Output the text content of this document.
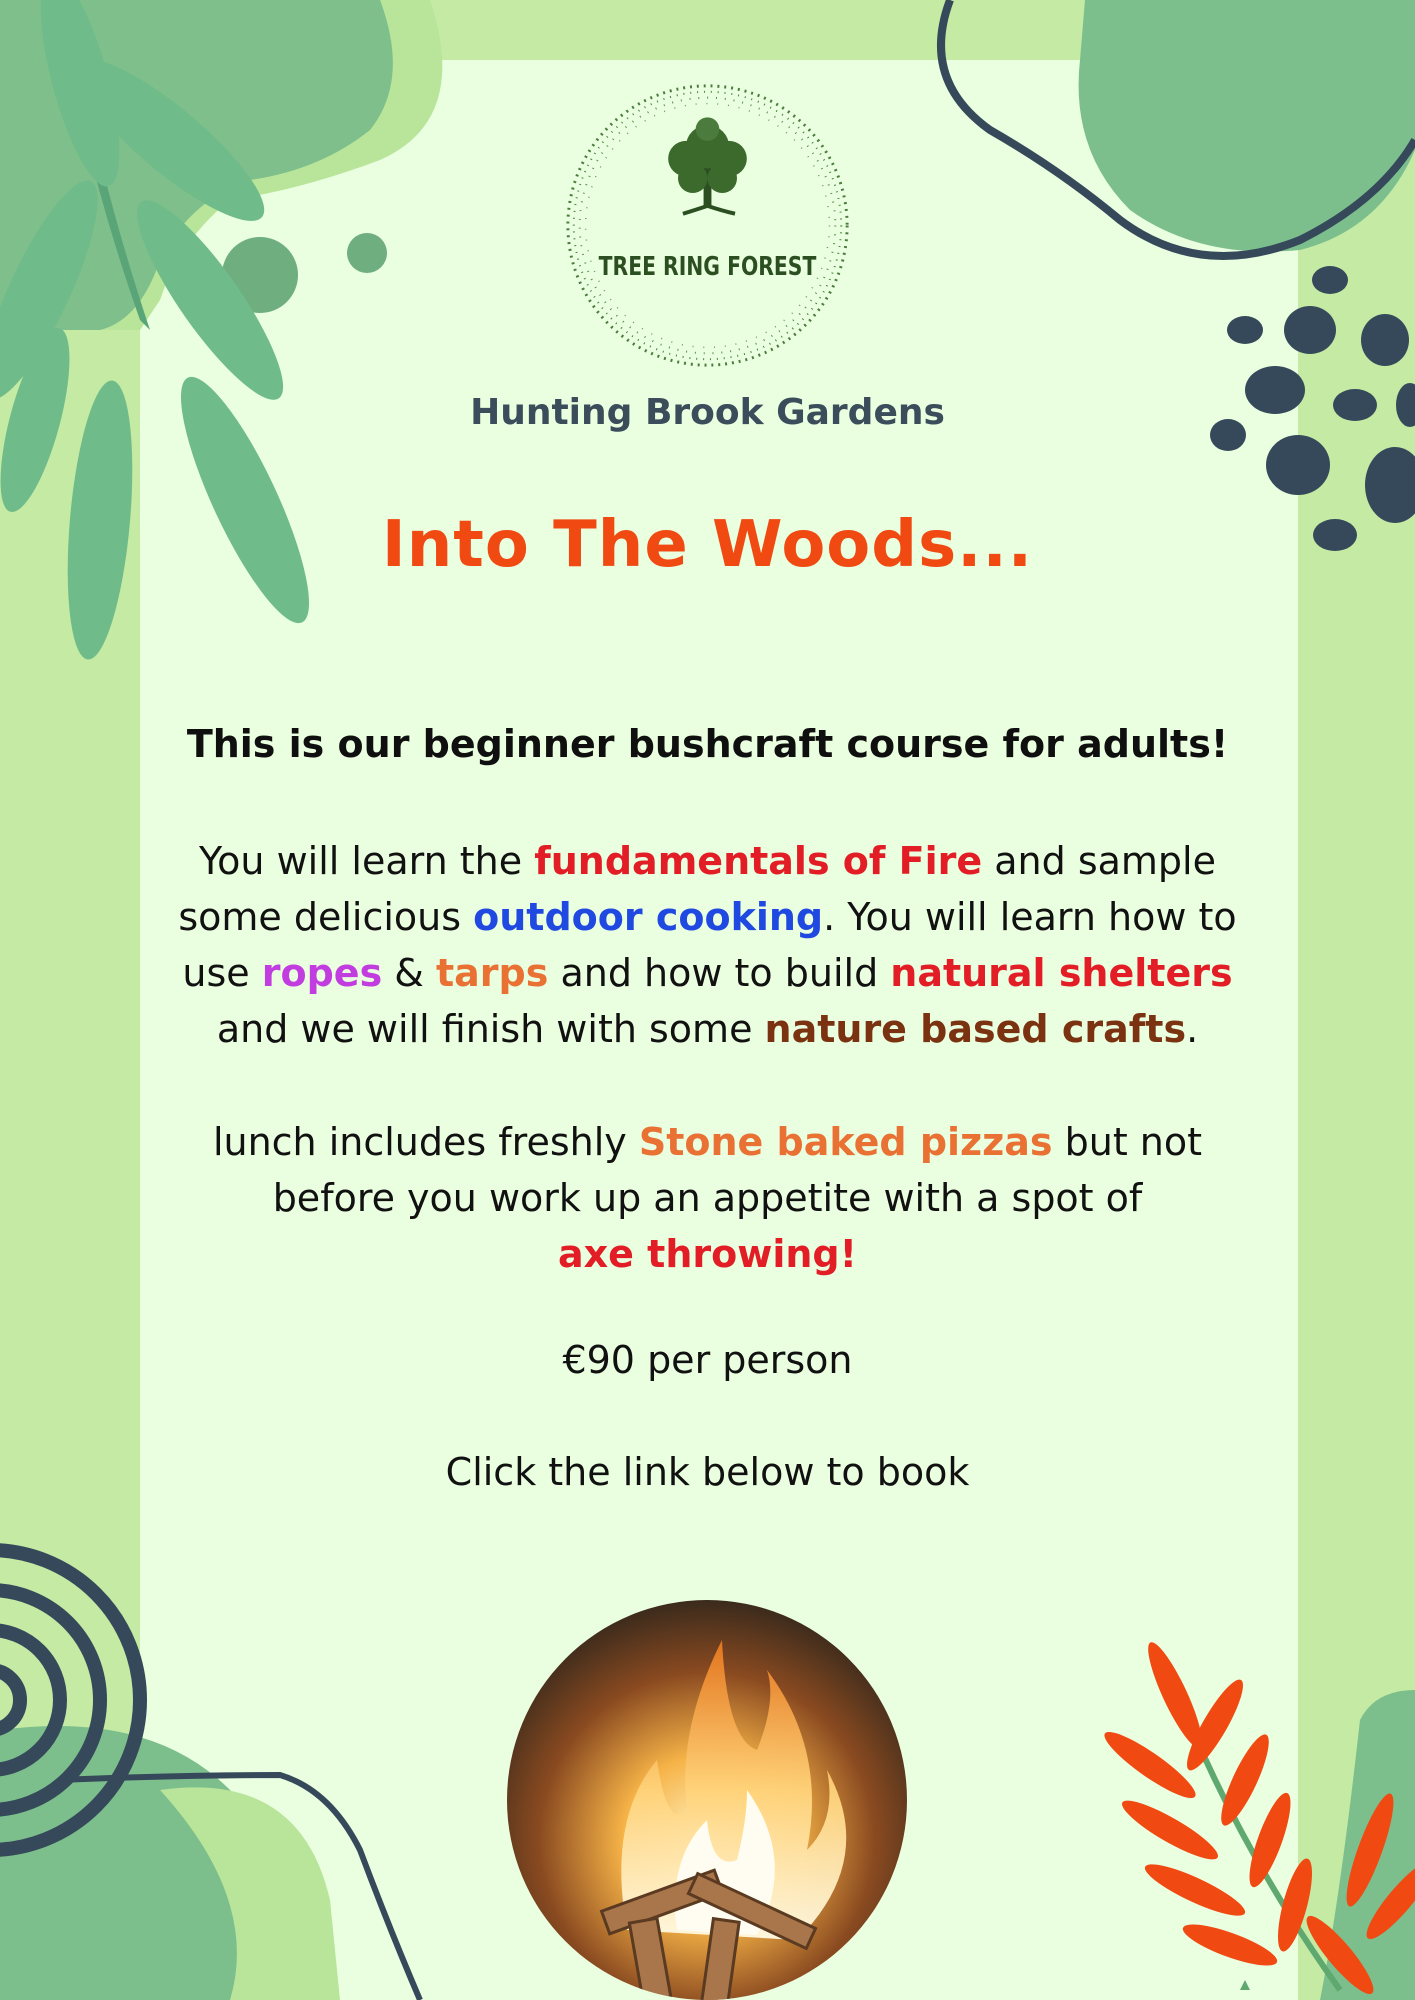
TREE RING FOREST
Hunting Brook Gardens
Into The Woods...
This is our beginner bushcraft course for adults!
You will learn the fundamentals of Fire and sample
some delicious outdoor cooking. You will learn how to
use ropes & tarps and how to build natural shelters
and we will finish with some nature based crafts.
lunch includes freshly Stone baked pizzas but not
before you work up an appetite with a spot of
axe throwing!
€90 per person
Click the link below to book
